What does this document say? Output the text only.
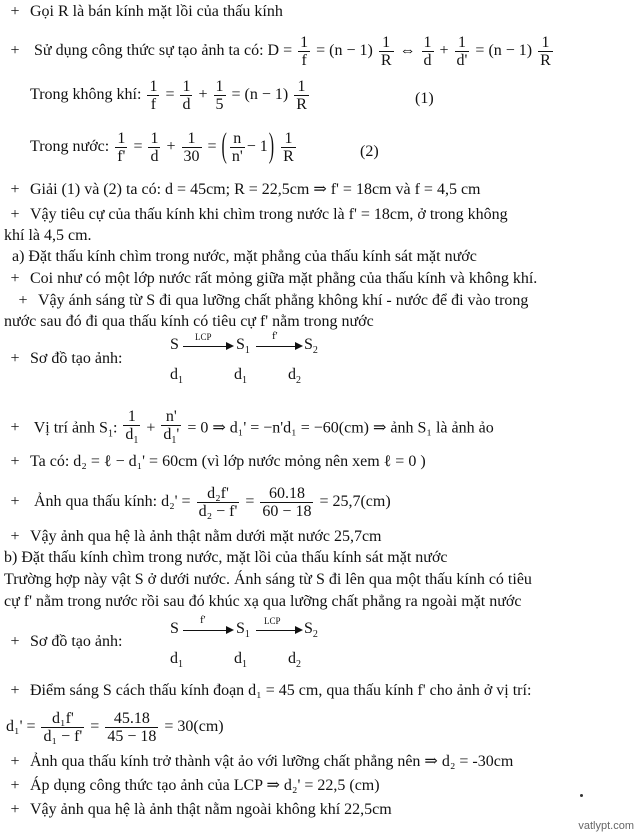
+ Gọi R là bán kính mặt lồi của thấu kính
+ Sử dụng công thức sự tạo ảnh ta có: $D = \frac{1}{f} = (n - 1) \frac{1}{R}$ ⇔ $\frac{1}{d} + \frac{1}{d'} = (n - 1) \frac{1}{R}$
Trong không khí: $\frac{1}{f} = \frac{1}{d} + \frac{1}{5} = (n - 1) \frac{1}{R}$	(1)
Trong nước: $\frac{1}{f'} = \frac{1}{d} + \frac{1}{30}$ = ( $\frac{n}{n'} - 1) \frac{1}{R}$	(2)
+ Giải (1) và (2) ta có: d = 45cm; R = 22,5cm ⇒ f' = 18cm và f = 4,5 cm
+ Vậy tiêu cự của thấu kính khi chìm trong nước là f' = 18cm, ở trong không
khí là 4,5 cm.
a) Đặt thấu kính chìm trong nước, mặt phẳng của thấu kính sát mặt nước
+ Coi như có một lớp nước rất mỏng giữa mặt phẳng của thấu kính và không khí.
+ Vậy ánh sáng từ S đi qua lưỡng chất phẳng không khí - nước để đi vào trong
nước sau đó đi qua thấu kính có tiêu cự f' nằm trong nước
+ Sơ đồ tạo ảnh:
S LCP $S_1$
f' $S_2$
$d_1$	$d_1$	$d_2$
+ Vị trí ảnh $S_1$: $\frac{1}{d_1} + \frac{n'}{d_1'} = 0$ ⇒ d₁' = −n'd₁ = −60(cm) ⇒ ảnh S₁ là ảnh ảo
+ Ta có: d₂ = ℓ − d₁' = 60cm (vì lớp nước mỏng nên xem ℓ = 0 )
+ Ảnh qua thấu kính: $d_2' = \frac{\text{d₂f'}}{\text{d₂ − f'}} = \frac{60.18}{60 - 18} = 25,7(cm)$
+ Vậy ảnh qua hệ là ảnh thật nằm dưới mặt nước 25,7cm
b) Đặt thấu kính chìm trong nước, mặt lồi của thấu kính sát mặt nước
Trường hợp này vật S ở dưới nước. Ánh sáng từ S đi lên qua một thấu kính có tiêu
cự f' nằm trong nước rồi sau đó khúc xạ qua lưỡng chất phẳng ra ngoài mặt nước
+ Sơ đồ tạo ảnh:
S f' $S_1$
LCP $S_2$
$d_1$	$d_1$	$d_2$
+ Điểm sáng S cách thấu kính đoạn d₁ = 45 cm, qua thấu kính f' cho ảnh ở vị trí:
$d_1' = \frac{\text{d₁f'}}{\text{d₁ − f'}} = \frac{45.18}{45 - 18} = 30(cm)$
+ Ảnh qua thấu kính trở thành vật ảo với lưỡng chất phẳng nên ⇒ d₂ = -30cm
+ Áp dụng công thức tạo ảnh của LCP ⇒ d₂' = 22,5 (cm)
+ Vậy ảnh qua hệ là ảnh thật nằm ngoài không khí 22,5cm
vatlypt.com
